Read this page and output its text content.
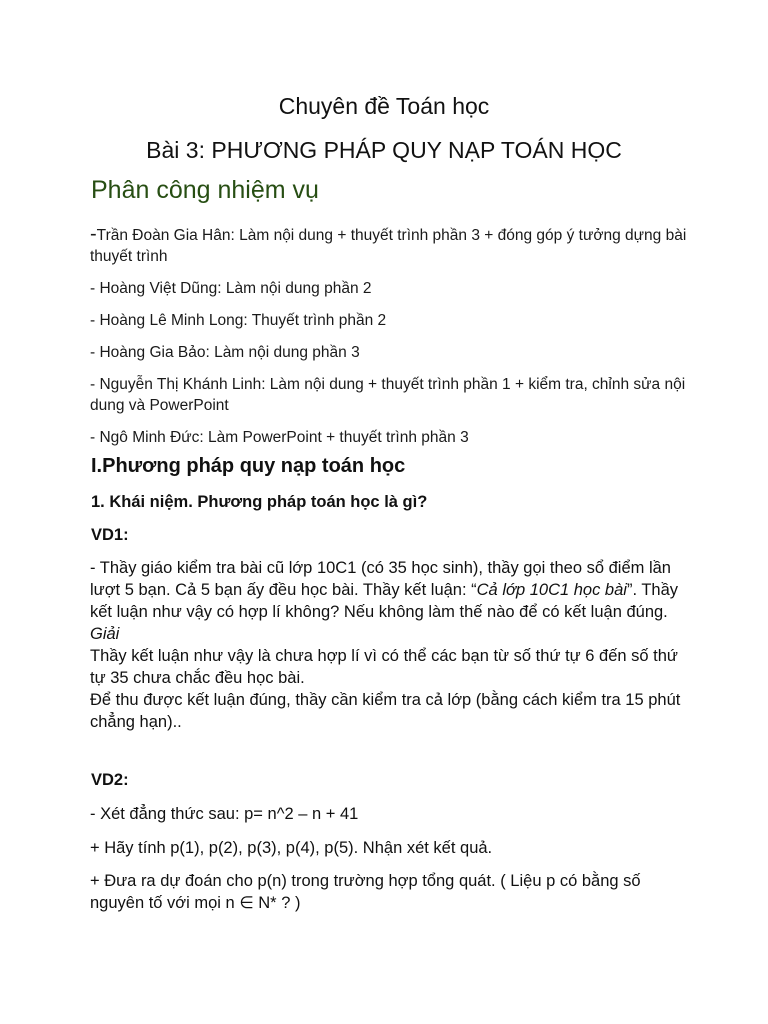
Chuyên đề Toán học
Bài 3: PHƯƠNG PHÁP QUY NẠP TOÁN HỌC
Phân công nhiệm vụ

-Trần Đoàn Gia Hân: Làm nội dung + thuyết trình phần 3 + đóng góp ý tưởng dựng bài thuyết trình

- Hoàng Việt Dũng: Làm nội dung phần 2

- Hoàng Lê Minh Long: Thuyết trình phần 2

- Hoàng Gia Bảo: Làm nội dung phần 3

- Nguyễn Thị Khánh Linh: Làm nội dung + thuyết trình phần 1 + kiểm tra, chỉnh sửa nội dung và PowerPoint

- Ngô Minh Đức: Làm PowerPoint + thuyết trình phần 3

I.Phương pháp quy nạp toán học
1. Khái niệm. Phương pháp toán học là gì?
VD1:

- Thầy giáo kiểm tra bài cũ lớp 10C1 (có 35 học sinh), thầy gọi theo sổ điểm lần lượt 5 bạn. Cả 5 bạn ấy đều học bài. Thầy kết luận: “Cả lớp 10C1 học bài”. Thầy kết luận như vậy có hợp lí không? Nếu không làm thế nào để có kết luận đúng.

Giải

Thầy kết luận như vậy là chưa hợp lí vì có thể các bạn từ số thứ tự 6 đến số thứ tự 35 chưa chắc đều học bài.

Để thu được kết luận đúng, thầy cần kiểm tra cả lớp (bằng cách kiểm tra 15 phút chẳng hạn)..

VD2:
- Xét đẳng thức sau: p= n^2 – n + 41
+ Hãy tính p(1), p(2), p(3), p(4), p(5). Nhận xét kết quả.
+ Đưa ra dự đoán cho p(n) trong trường hợp tổng quát. ( Liệu p có bằng số nguyên tố với mọi n ∈ N* ? )
